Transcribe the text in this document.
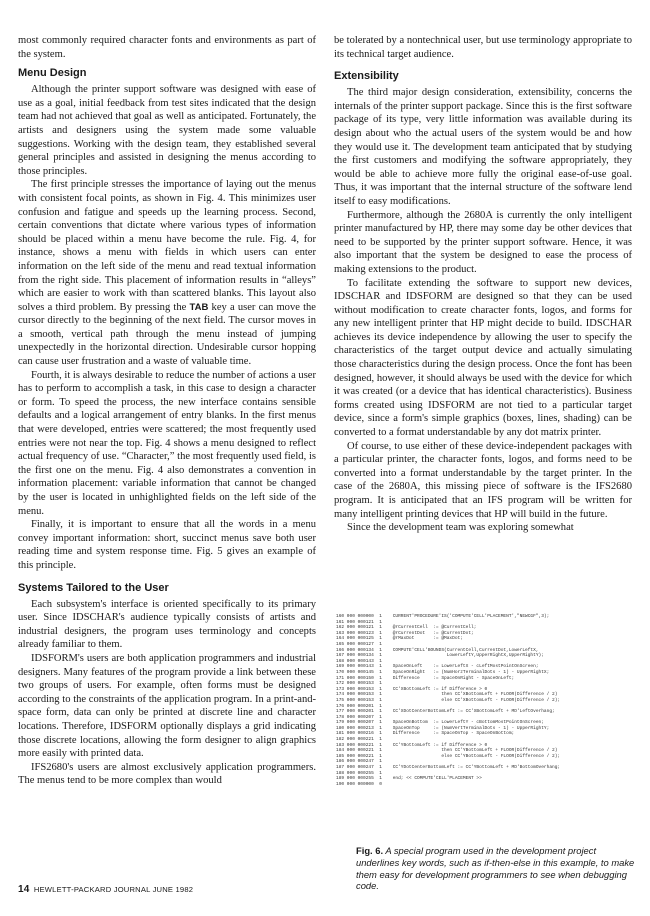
most commonly required character fonts and environments as part of the system.

Menu Design

Although the printer support software was designed with ease of use as a goal, initial feedback from test sites indicated that the design team had not achieved that goal as well as anticipated. Fortunately, the artists and designers using the system made some valuable suggestions. Working with the design team, they established several general principles and assisted in designing the menus according to those principles.

The first principle stresses the importance of laying out the menus with consistent focal points, as shown in Fig. 4. This minimizes user confusion and fatigue and speeds up the learning process. Second, certain conventions that dictate where various types of information should be placed within a menu have become the rule. Fig. 4, for instance, shows a menu with fields in which users can enter information on the left side of the menu and read textual information from the right side. This placement of information results in “alleys” which are easier to work with than scattered blanks. This layout also solves a third problem. By pressing the TAB key a user can move the cursor directly to the beginning of the next field. The cursor moves in a smooth, vertical path through the menu instead of jumping unexpectedly in the horizontal direction. Undesirable cursor hopping can cause user frustration and a waste of valuable time.

Fourth, it is always desirable to reduce the number of actions a user has to perform to accomplish a task, in this case to design a character or form. To speed the process, the new interface contains sensible defaults and a logical arrangement of entry blanks. In the first menus that were developed, entries were scattered; the most frequently used entries were not near the top. Fig. 4 shows a menu designed to reflect actual frequency of use. “Character,” the most frequently used field, is the first one on the menu. Fig. 4 also demonstrates a convention in information placement: variable information that cannot be changed by the user is located in unhighlighted fields on the left side of the menu.

Finally, it is important to ensure that all the words in a menu convey important information: short, succinct menus save both user reading time and system response time. Fig. 5 gives an example of this principle.

Systems Tailored to the User

Each subsystem's interface is oriented specifically to its primary user. Since IDSCHAR's audience typically consists of artists and industrial designers, the program uses terminology and concepts already familiar to them.

IDSFORM's users are both application programmers and industrial designers. Many features of the program provide a link between these two groups of users. For example, often forms must be designed according to the constraints of the application program. In a print-and-space form, data can only be printed at discrete line and character locations. Therefore, IDSFORM optionally displays a grid indicating those discrete locations, allowing the form designer to align graphics more easily with printed data.

IFS2680's users are almost exclusively application programmers. The menus tend to be more complex than would

be tolerated by a nontechnical user, but use terminology appropriate to its technical target audience.

Extensibility

The third major design consideration, extensibility, concerns the internals of the printer support package. Since this is the first software package of its type, very little information was available during its design about who the actual users of the system would be and how they would use it. The development team anticipated that by studying the first customers and modifying the software appropriately, they would be able to achieve more fully the original ease-of-use goal. Thus, it was important that the internal structure of the software lend itself to easy modifications.

Furthermore, although the 2680A is currently the only intelligent printer manufactured by HP, there may some day be other devices that need to be supported by the printer support software. Hence, it was also important that the system be designed to ease the process of making extensions to the product.

To facilitate extending the software to support new devices, IDSCHAR and IDSFORM are designed so that they can be used without modification to create character fonts, logos, and forms for any new intelligent printer that HP might decide to build. IDSCHAR achieves its device independence by allowing the user to specify the characteristics of the target output device and actually simulating those characteristics during the design process. Once the font has been designed, however, it should always be used with the device for which it was created (or a device that has identical characteristics). Business forms created using IDSFORM are not tied to a particular target device, since a form's simple graphics (boxes, lines, shading) can be converted to a format understandable by any dot matrix printer.

Of course, to use either of these device-independent packages with a particular printer, the character fonts, logos, and forms need to be converted into a format understandable by the target printer. In the case of the 2680A, this missing piece of software is the IFS2680 program. It is anticipated that an IFS program will be written for many intelligent printing devices that HP will build in the future.

Since the development team was exploring somewhat

160 000 000000  1    CURRENT'PROCEDURE'IS('COMPUTE'CELL'PLACEMENT',"NEWCGF",3);
161 000 000121  1
162 000 000121  1    @rCurrentCell  := @CurrentCell;
163 000 000123  1    @rCurrentDot   := @CurrentDot;
164 000 000125  1    @rMaxDot       := @MaxDot;
165 000 000127  1
166 000 000134  1    COMPUTE'CELL'BOUNDS(CurrentCell,CurrentDot,LowerLeftX,
167 000 000134  1                        LowerLeftY,UpperRightX,UpperRightY);
168 000 000143  1
169 000 000143  1    SpaceOnLeft    := LowerLeftX - cLeftMostPointOnScreen;
170 000 000145  1    SpaceOnRight   := (NumHorzTerminalDots - 1) - UpperRightX;
171 000 000150  1    Difference     := SpaceOnRight - SpaceOnLeft;
172 000 000153  1
173 000 000153  1    CC'XBottomLeft := if Difference > 0
174 000 000153  1                      then CC'XBottomLeft + FLOOR(Difference / 2)
175 000 000153  1                      else CC'XBottomLeft - FLOOR(Difference / 2);
176 000 000201  1
177 000 000201  1    CC'XDotCenterBottomLeft := CC'XBottomLeft + MD'LeftOverhang;
178 000 000207  1
179 000 000207  1    SpaceOnBottom  := LowerLeftY - cBottomMostPointOnScreen;
180 000 000213  1    SpaceOnTop     := (NumVertTerminalDots - 1) - UpperRightY;
181 000 000216  1    Difference     := SpaceOnTop - SpaceOnBottom;
182 000 000221  1
183 000 000221  1    CC'YBottomLeft := if Difference > 0
184 000 000221  1                      then CC'YBottomLeft + FLOOR(Difference / 2)
185 000 000221  1                      else CC'YBottomLeft - FLOOR(Difference / 2);
186 000 000247  1
187 000 000247  1    CC'YDotCenterBottomLeft := CC'YBottomLeft + MD'BottomOverhang;
188 000 000255  1
189 000 000255  1    end; << COMPUTE'CELL'PLACEMENT >>
190 000 000000  0
Fig. 6. A special program used in the development project underlines key words, such as if-then-else in this example, to make them easy for development programmers to see when debugging code.
14 HEWLETT-PACKARD JOURNAL JUNE 1982
